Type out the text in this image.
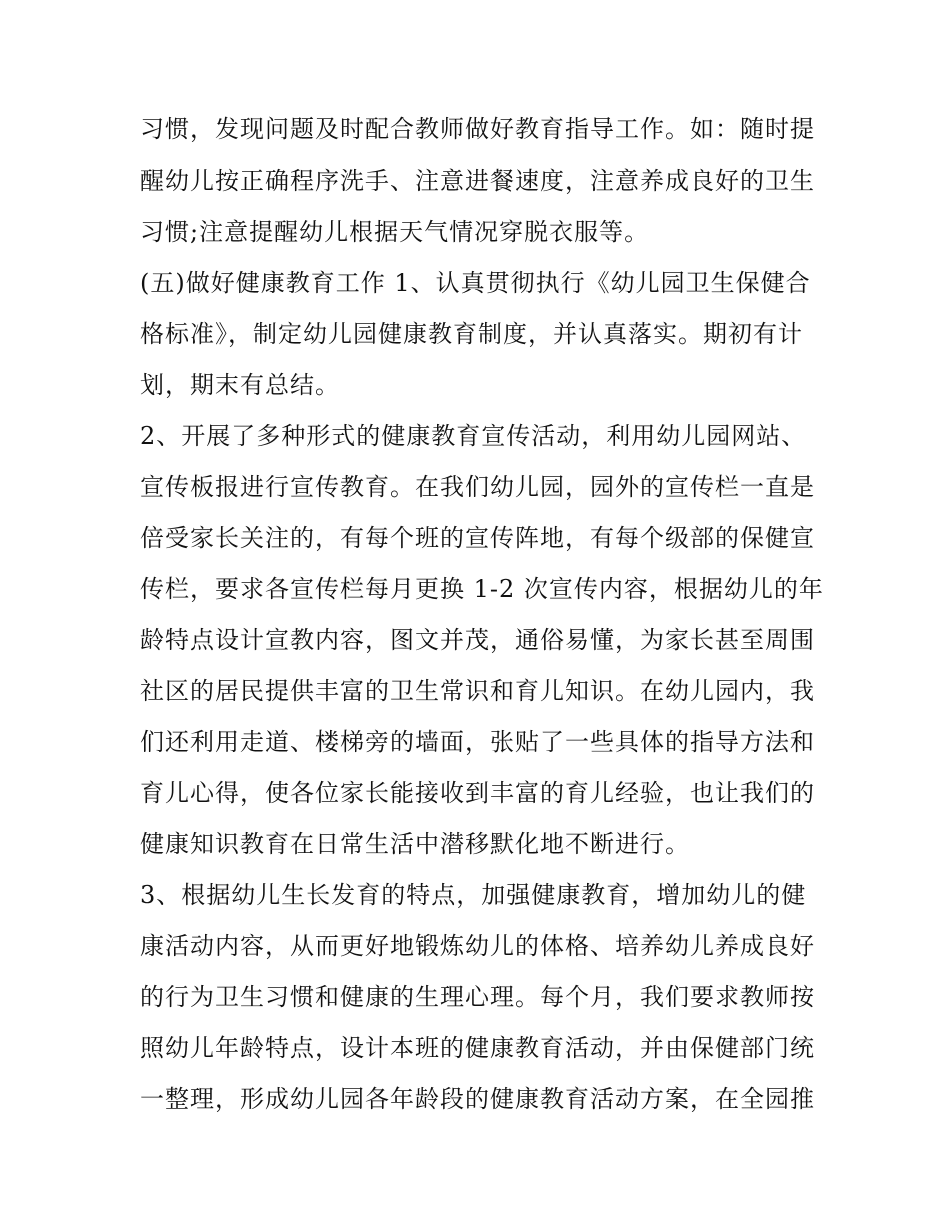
习惯，发现问题及时配合教师做好教育指导工作。如：随时提
醒幼儿按正确程序洗手、注意进餐速度，注意养成良好的卫生
习惯;注意提醒幼儿根据天气情况穿脱衣服等。
(五)做好健康教育工作 1、认真贯彻执行《幼儿园卫生保健合
格标准》，制定幼儿园健康教育制度，并认真落实。期初有计
划，期末有总结。
2、开展了多种形式的健康教育宣传活动，利用幼儿园网站、
宣传板报进行宣传教育。在我们幼儿园，园外的宣传栏一直是
倍受家长关注的，有每个班的宣传阵地，有每个级部的保健宣
传栏，要求各宣传栏每月更换 1-2 次宣传内容，根据幼儿的年
龄特点设计宣教内容，图文并茂，通俗易懂，为家长甚至周围
社区的居民提供丰富的卫生常识和育儿知识。在幼儿园内，我
们还利用走道、楼梯旁的墙面，张贴了一些具体的指导方法和
育儿心得，使各位家长能接收到丰富的育儿经验，也让我们的
健康知识教育在日常生活中潜移默化地不断进行。
3、根据幼儿生长发育的特点，加强健康教育，增加幼儿的健
康活动内容，从而更好地锻炼幼儿的体格、培养幼儿养成良好
的行为卫生习惯和健康的生理心理。每个月，我们要求教师按
照幼儿年龄特点，设计本班的健康教育活动，并由保健部门统
一整理，形成幼儿园各年龄段的健康教育活动方案，在全园推
